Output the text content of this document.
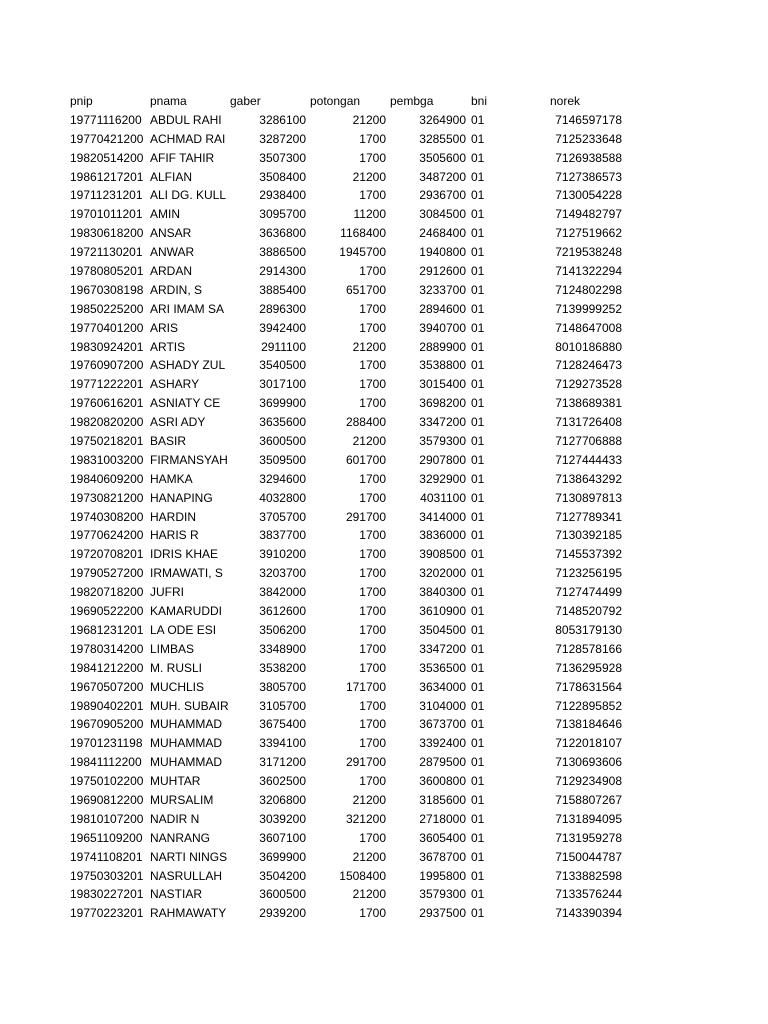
pnip	pnama	gaber	potongan	pembga	bni	norek
19771116200 ABDUL RAHI	3286100	21200	3264900 01	7146597178
19770421200 ACHMAD RAI	3287200	1700	3285500 01	7125233648
19820514200 AFIF TAHIR	3507300	1700	3505600 01	7126938588
19861217201 ALFIAN	3508400	21200	3487200 01	7127386573
19711231201 ALI DG. KULL	2938400	1700	2936700 01	7130054228
19701011201 AMIN	3095700	11200	3084500 01	7149482797
19830618200 ANSAR	3636800	1168400	2468400 01	7127519662
19721130201 ANWAR	3886500	1945700	1940800 01	7219538248
19780805201 ARDAN	2914300	1700	2912600 01	7141322294
19670308198 ARDIN, S	3885400	651700	3233700 01	7124802298
19850225200 ARI IMAM SA	2896300	1700	2894600 01	7139999252
19770401200 ARIS	3942400	1700	3940700 01	7148647008
19830924201 ARTIS	2911100	21200	2889900 01	8010186880
19760907200 ASHADY ZUL	3540500	1700	3538800 01	7128246473
19771222201 ASHARY	3017100	1700	3015400 01	7129273528
19760616201 ASNIATY CE	3699900	1700	3698200 01	7138689381
19820820200 ASRI ADY	3635600	288400	3347200 01	7131726408
19750218201 BASIR	3600500	21200	3579300 01	7127706888
19831003200 FIRMANSYAH	3509500	601700	2907800 01	7127444433
19840609200 HAMKA	3294600	1700	3292900 01	7138643292
19730821200 HANAPING	4032800	1700	4031100 01	7130897813
19740308200 HARDIN	3705700	291700	3414000 01	7127789341
19770624200 HARIS R	3837700	1700	3836000 01	7130392185
19720708201 IDRIS KHAE	3910200	1700	3908500 01	7145537392
19790527200 IRMAWATI, S	3203700	1700	3202000 01	7123256195
19820718200 JUFRI	3842000	1700	3840300 01	7127474499
19690522200 KAMARUDDI	3612600	1700	3610900 01	7148520792
19681231201 LA ODE ESI	3506200	1700	3504500 01	8053179130
19780314200 LIMBAS	3348900	1700	3347200 01	7128578166
19841212200 M. RUSLI	3538200	1700	3536500 01	7136295928
19670507200 MUCHLIS	3805700	171700	3634000 01	7178631564
19890402201 MUH. SUBAIR	3105700	1700	3104000 01	7122895852
19670905200 MUHAMMAD	3675400	1700	3673700 01	7138184646
19701231198 MUHAMMAD	3394100	1700	3392400 01	7122018107
19841112200 MUHAMMAD	3171200	291700	2879500 01	7130693606
19750102200 MUHTAR	3602500	1700	3600800 01	7129234908
19690812200 MURSALIM	3206800	21200	3185600 01	7158807267
19810107200 NADIR N	3039200	321200	2718000 01	7131894095
19651109200 NANRANG	3607100	1700	3605400 01	7131959278
19741108201 NARTI NINGS	3699900	21200	3678700 01	7150044787
19750303201 NASRULLAH	3504200	1508400	1995800 01	7133882598
19830227201 NASTIAR	3600500	21200	3579300 01	7133576244
19770223201 RAHMAWATY	2939200	1700	2937500 01	7143390394
